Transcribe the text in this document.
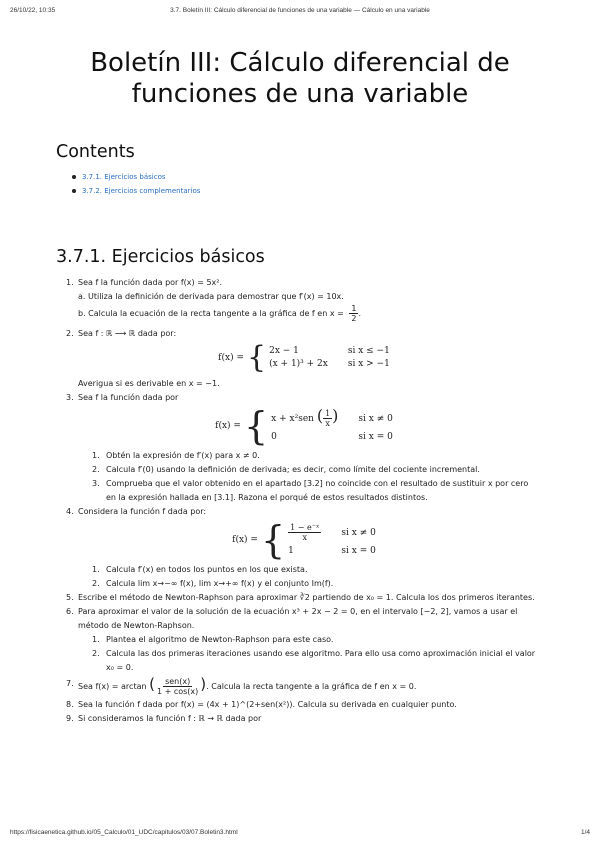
26/10/22, 10:35	3.7. Boletín III: Cálculo diferencial de funciones de una variable — Cálculo en una variable
Boletín III: Cálculo diferencial de funciones de una variable
Contents
3.7.1. Ejercicios básicos
3.7.2. Ejercicios complementarios
3.7.1. Ejercicios básicos
1. Sea f la función dada por f(x) = 5x².
a. Utiliza la definición de derivada para demostrar que f′(x) = 10x.
b. Calcula la ecuación de la recta tangente a la gráfica de f en $x = \frac{1}{2}$ .
2. Sea f : ℝ ⟶ ℝ dada por:
f(x) = { 2x − 1	si x ≤ −1
(x + 1)³ + 2x	si x > −1
Averigua si es derivable en x = −1.
3. Sea f la función dada por
f(x) = { x + x²sen ( $\frac{1}{x}$ )	si x ≠ 0
0	si x = 0
1. Obtén la expresión de f′(x) para x ≠ 0.
2. Calcula f′(0) usando la definición de derivada; es decir, como límite del cociente incremental.
3. Comprueba que el valor obtenido en el apartado [3.2] no coincide con el resultado de sustituir x por cero en la expresión hallada en [3.1]. Razona el porqué de estos resultados distintos.
4. Considera la función f dada por:
f(x) = { $\frac{\text{1 − e⁻ˣ}}{x}$	si x ≠ 0
1	si x = 0
1. Calcula f′(x) en todos los puntos en los que exista.
2. Calcula lim x→−∞ f(x), lim x→+∞ f(x) y el conjunto Im(f).
5. Escribe el método de Newton-Raphson para aproximar ∛2 partiendo de x₀ = 1. Calcula los dos primeros iterantes.
6. Para aproximar el valor de la solución de la ecuación x³ + 2x − 2 = 0, en el intervalo [−2, 2], vamos a usar el método de Newton-Raphson.
1. Plantea el algoritmo de Newton-Raphson para este caso.
2. Calcula las dos primeras iteraciones usando ese algoritmo. Para ello usa como aproximación inicial el valor x₀ = 0.
7. Sea f(x) = arctan ( $\frac{\text{sen(x)}}{1 + \cos(x)}$ ). Calcula la recta tangente a la gráfica de f en x = 0.
8. Sea la función f dada por f(x) = (4x + 1)^(2+sen(x²)). Calcula su derivada en cualquier punto.
9. Si consideramos la función f : ℝ → ℝ dada por
https://fisicaenetica.github.io/05_Calculo/01_UDC/capitulos/03/07.Boletin3.html	1/4
